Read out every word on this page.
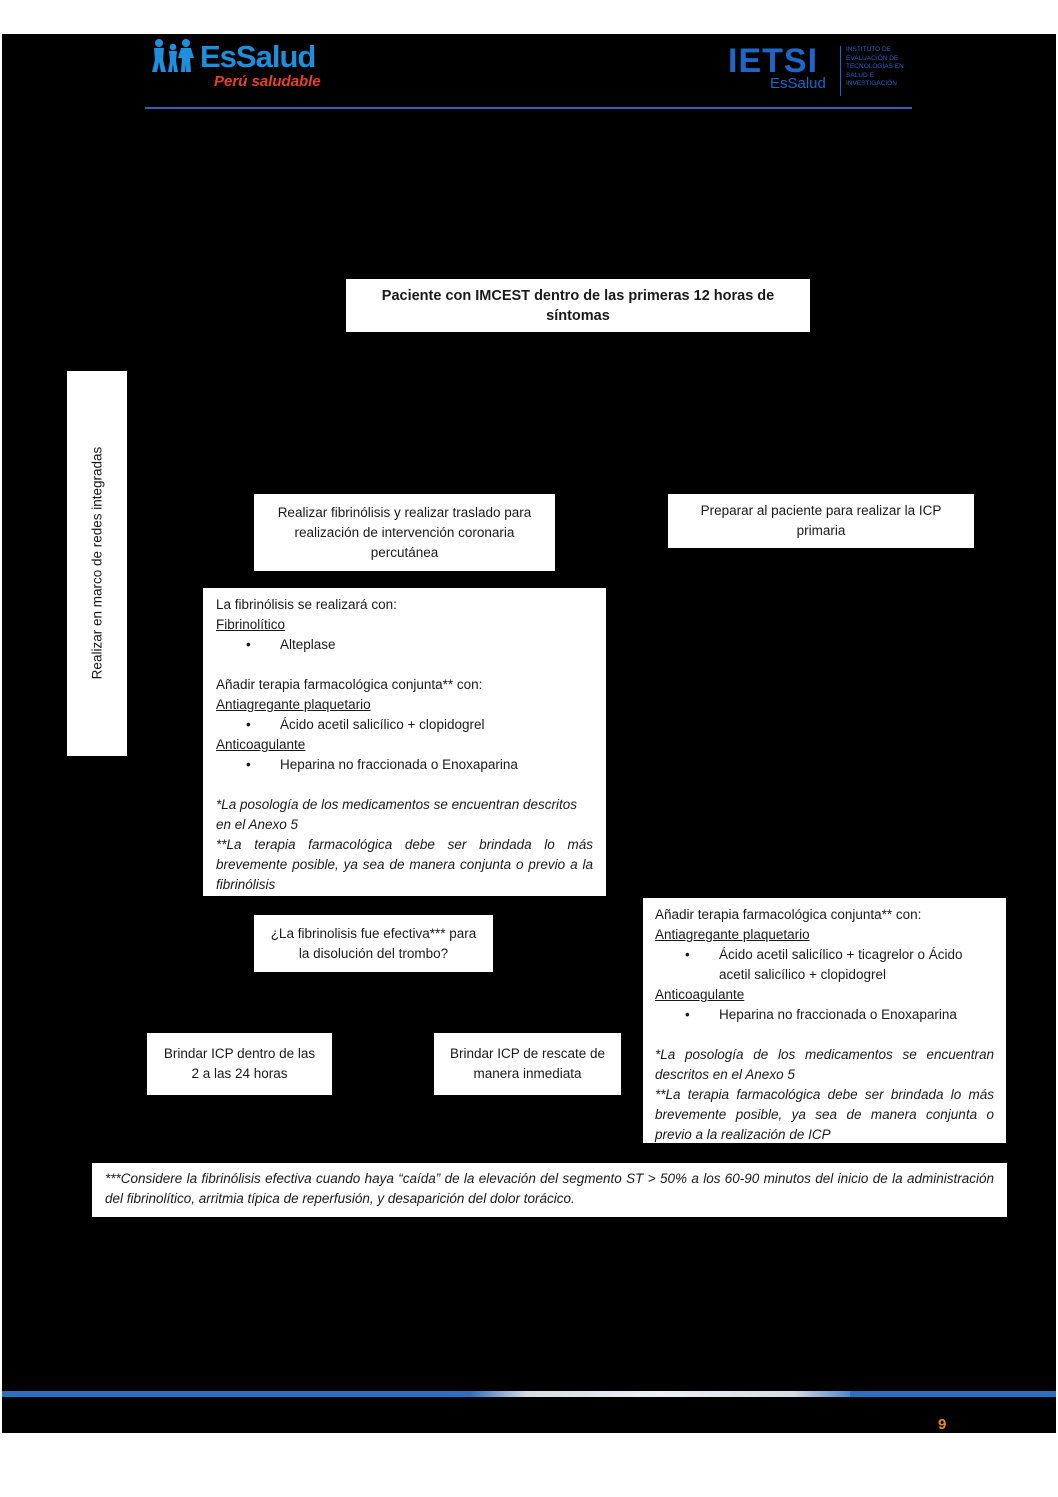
EsSalud
Perú saludable
IETSI
EsSalud
INSTITUTO DE EVALUACIÓN DE TECNOLOGÍAS EN SALUD E INVESTIGACIÓN
Paciente con IMCEST dentro de las primeras 12 horas de síntomas
Realizar en marco de redes integradas	Realizar fibrinólisis y realizar traslado para realización de intervención coronaria percutánea
Preparar al paciente para realizar la ICP primaria
La fibrinólisis se realizará con:
Fibrinolítico
• Alteplase
Añadir terapia farmacológica conjunta** con:
Antiagregante plaquetario
• Ácido acetil salicílico + clopidogrel
Anticoagulante
• Heparina no fraccionada o Enoxaparina
*La posología de los medicamentos se encuentran descritos en el Anexo 5
**La terapia farmacológica debe ser brindada lo más brevemente posible, ya sea de manera conjunta o previo a la fibrinólisis
¿La fibrinolisis fue efectiva*** para la disolución del trombo?
Brindar ICP dentro de las 2 a las 24 horas
Brindar ICP de rescate de manera inmediata
Añadir terapia farmacológica conjunta** con:
Antiagregante plaquetario
• Ácido acetil salicílico + ticagrelor o Ácido acetil salicílico + clopidogrel
Anticoagulante
• Heparina no fraccionada o Enoxaparina
*La posología de los medicamentos se encuentran descritos en el Anexo 5
**La terapia farmacológica debe ser brindada lo más brevemente posible, ya sea de manera conjunta o previo a la realización de ICP
***Considere la fibrinólisis efectiva cuando haya “caída” de la elevación del segmento ST > 50% a los 60-90 minutos del inicio de la administración del fibrinolítico, arritmia típica de reperfusión, y desaparición del dolor torácico.
9
